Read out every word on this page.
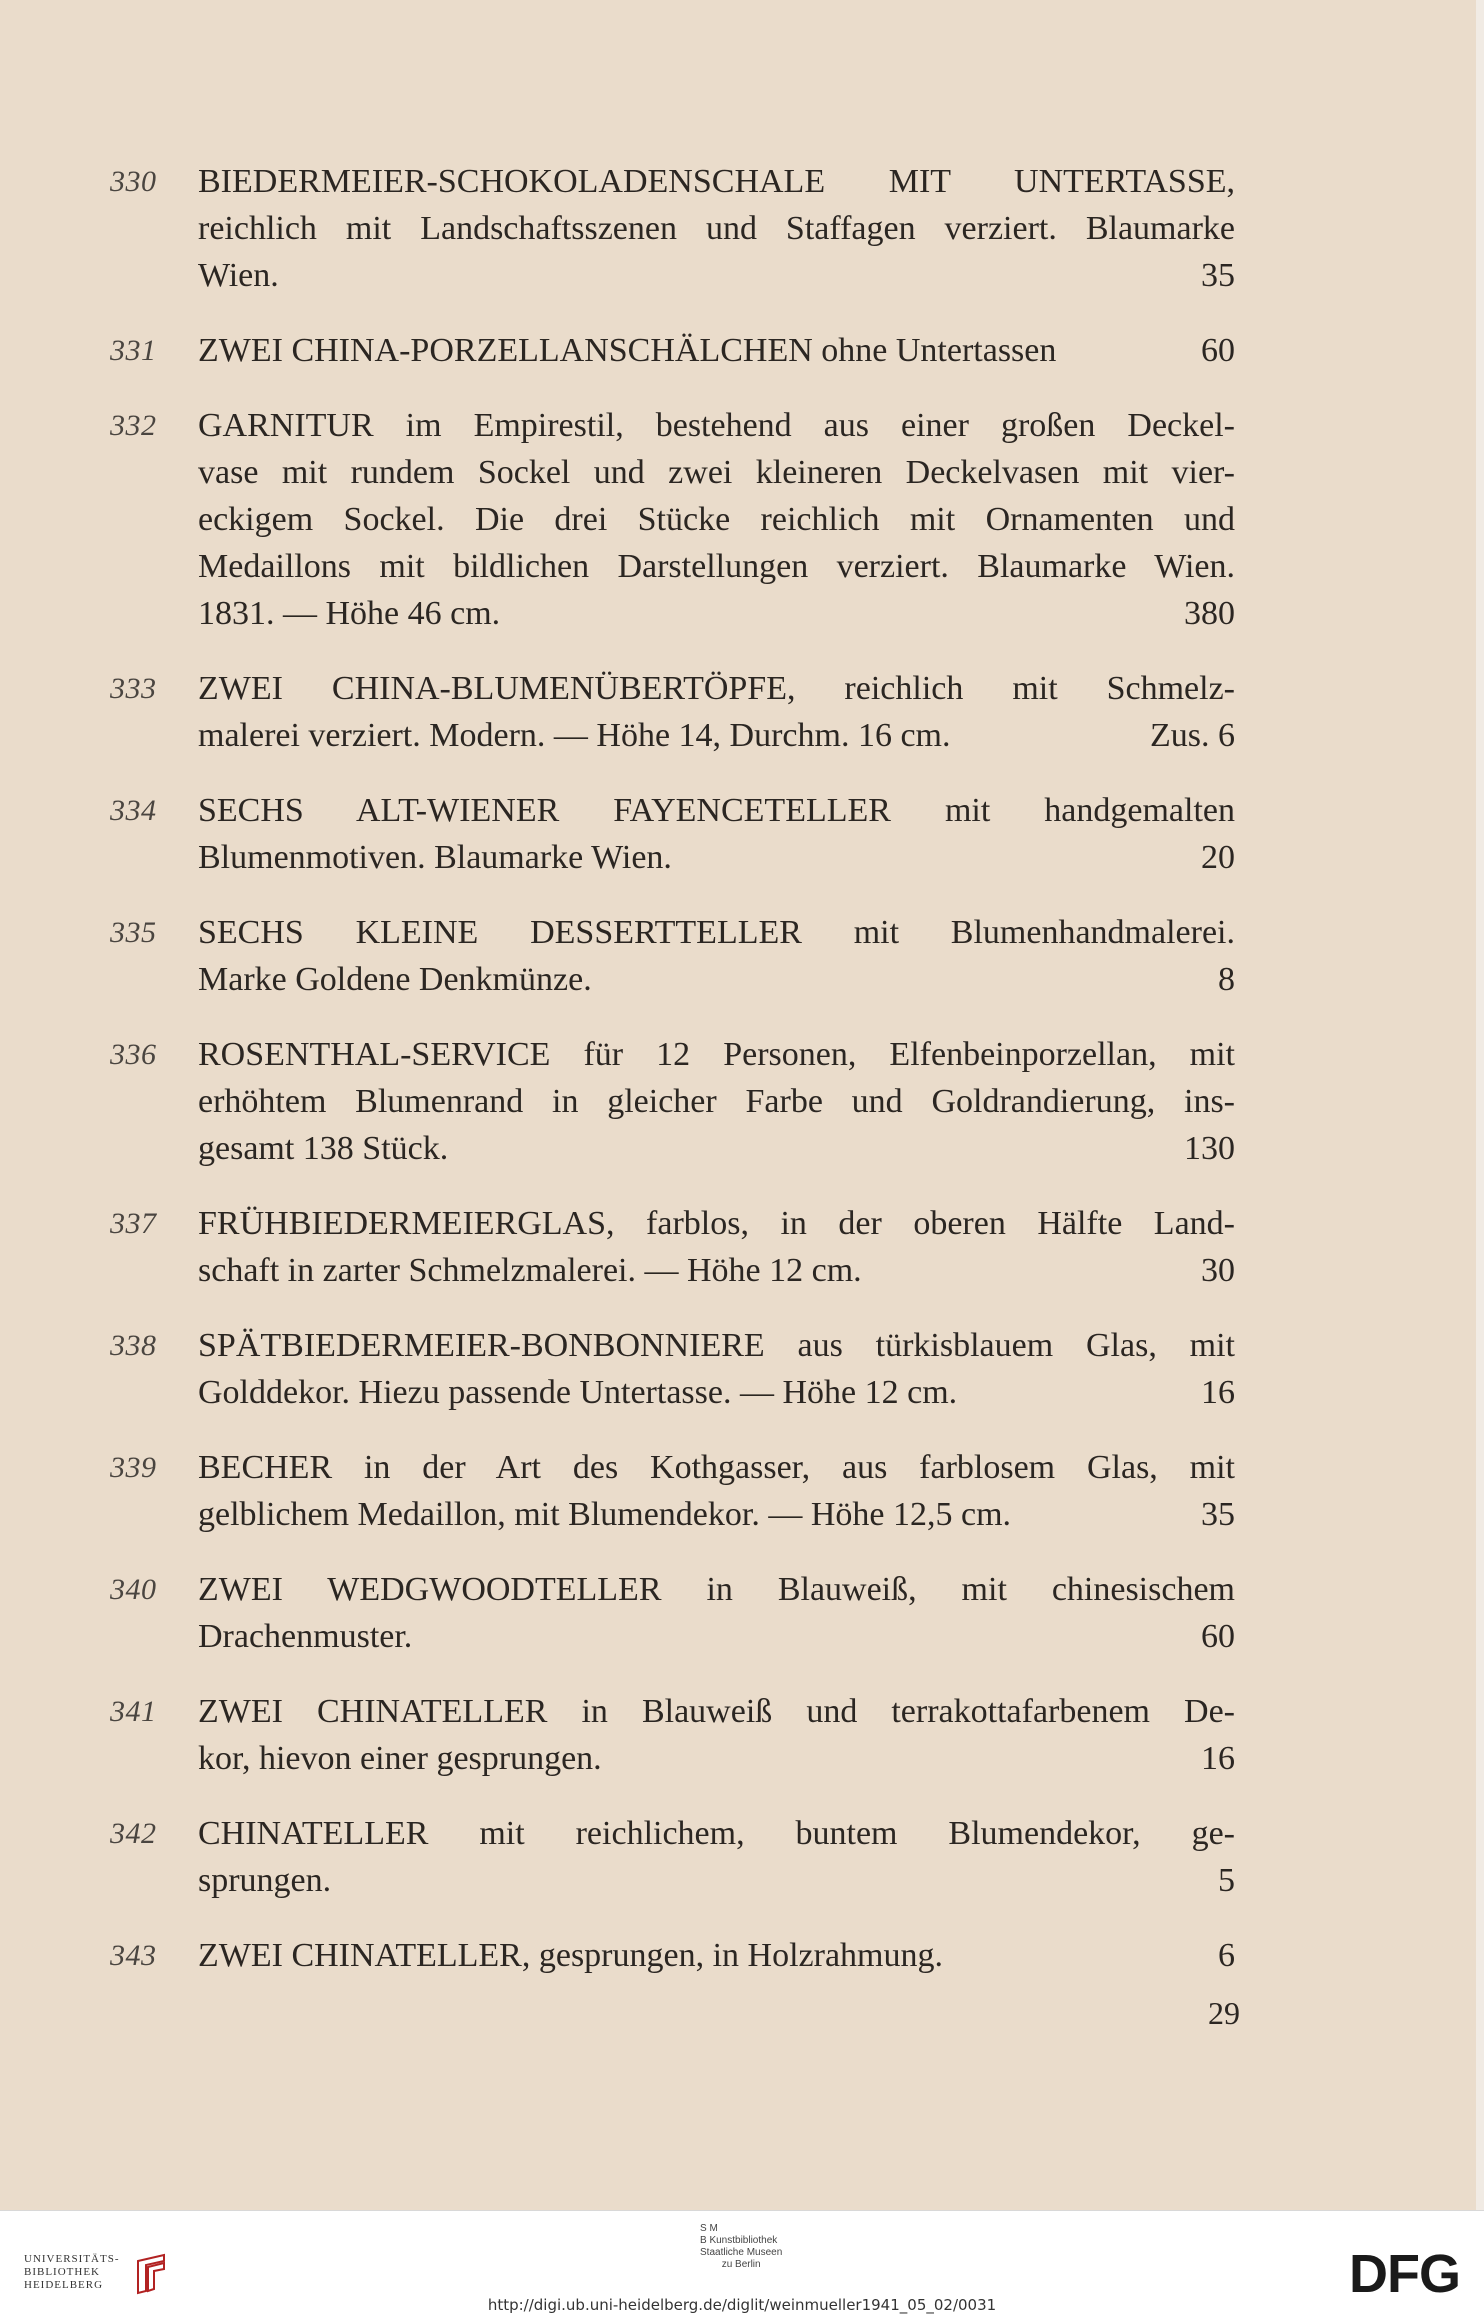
330	BIEDERMEIER-SCHOKOLADENSCHALE MIT UNTERTASSE,
reichlich mit Landschaftsszenen und Staffagen verziert. Blaumarke
Wien.	35
331	ZWEI CHINA-PORZELLANSCHÄLCHEN ohne Untertassen	60
332	GARNITUR im Empirestil, bestehend aus einer großen Deckel-
vase mit rundem Sockel und zwei kleineren Deckelvasen mit vier-
eckigem Sockel. Die drei Stücke reichlich mit Ornamenten und
Medaillons mit bildlichen Darstellungen verziert. Blaumarke Wien.
1831. — Höhe 46 cm.	380
333	ZWEI CHINA-BLUMENÜBERTÖPFE, reichlich mit Schmelz-
malerei verziert. Modern. — Höhe 14, Durchm. 16 cm.	Zus. 6
334	SECHS ALT-WIENER FAYENCETELLER mit handgemalten
Blumenmotiven. Blaumarke Wien.	20
335	SECHS KLEINE DESSERTTELLER mit Blumenhandmalerei.
Marke Goldene Denkmünze.	8
336	ROSENTHAL-SERVICE für 12 Personen, Elfenbeinporzellan, mit
erhöhtem Blumenrand in gleicher Farbe und Goldrandierung, ins-
gesamt 138 Stück.	130
337	FRÜHBIEDERMEIERGLAS, farblos, in der oberen Hälfte Land-
schaft in zarter Schmelzmalerei. — Höhe 12 cm.	30
338	SPÄTBIEDERMEIER-BONBONNIERE aus türkisblauem Glas, mit
Golddekor. Hiezu passende Untertasse. — Höhe 12 cm.	16
339	BECHER in der Art des Kothgasser, aus farblosem Glas, mit
gelblichem Medaillon, mit Blumendekor. — Höhe 12,5 cm.	35
340	ZWEI WEDGWOODTELLER in Blauweiß, mit chinesischem
Drachenmuster.	60
341	ZWEI CHINATELLER in Blauweiß und terrakottafarbenem De-
kor, hievon einer gesprungen.	16
342	CHINATELLER mit reichlichem, buntem Blumendekor, ge-
sprungen.	5
343	ZWEI CHINATELLER, gesprungen, in Holzrahmung.	6
29
UNIVERSITÄTS-
BIBLIOTHEK
HEIDELBERG
S M
B Kunstbibliothek
Staatliche Museen
zu Berlin	DFG
http://digi.ub.uni-heidelberg.de/diglit/weinmueller1941_05_02/0031
